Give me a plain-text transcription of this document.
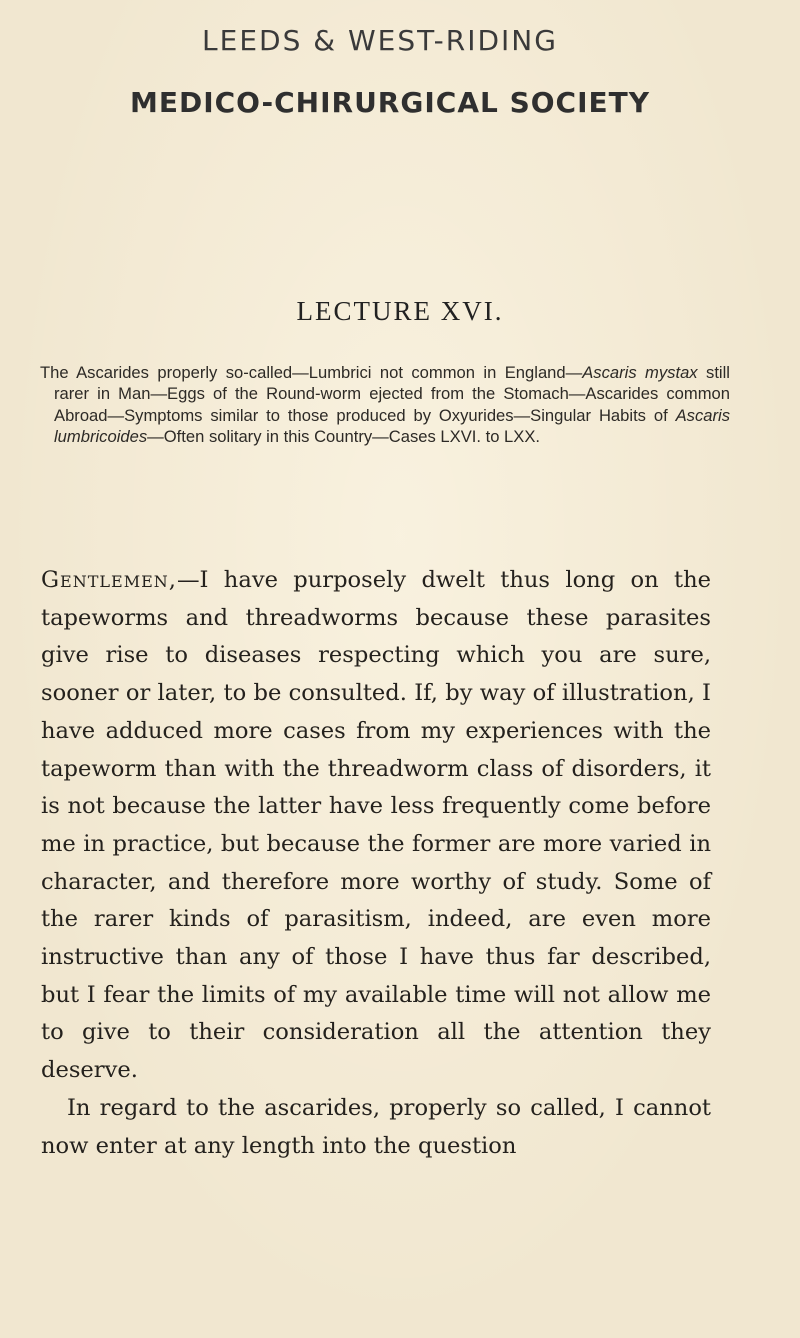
LEEDS & WEST-RIDING
MEDICO-CHIRURGICAL SOCIETY
LECTURE XVI.
The Ascarides properly so-called—Lumbrici not common in England—Ascaris mystax still rarer in Man—Eggs of the Round-worm ejected from the Stomach—Ascarides common Abroad—Symptoms similar to those produced by Oxyurides—Singular Habits of Ascaris lumbricoides—Often solitary in this Country—Cases LXVI. to LXX.

Gentlemen,—I have purposely dwelt thus long on the tapeworms and threadworms because these parasites give rise to diseases respecting which you are sure, sooner or later, to be consulted. If, by way of illustration, I have adduced more cases from my experiences with the tapeworm than with the threadworm class of disorders, it is not because the latter have less frequently come before me in practice, but because the former are more varied in character, and therefore more worthy of study. Some of the rarer kinds of parasitism, indeed, are even more instructive than any of those I have thus far described, but I fear the limits of my available time will not allow me to give to their consideration all the attention they deserve.

In regard to the ascarides, properly so called, I cannot now enter at any length into the question
